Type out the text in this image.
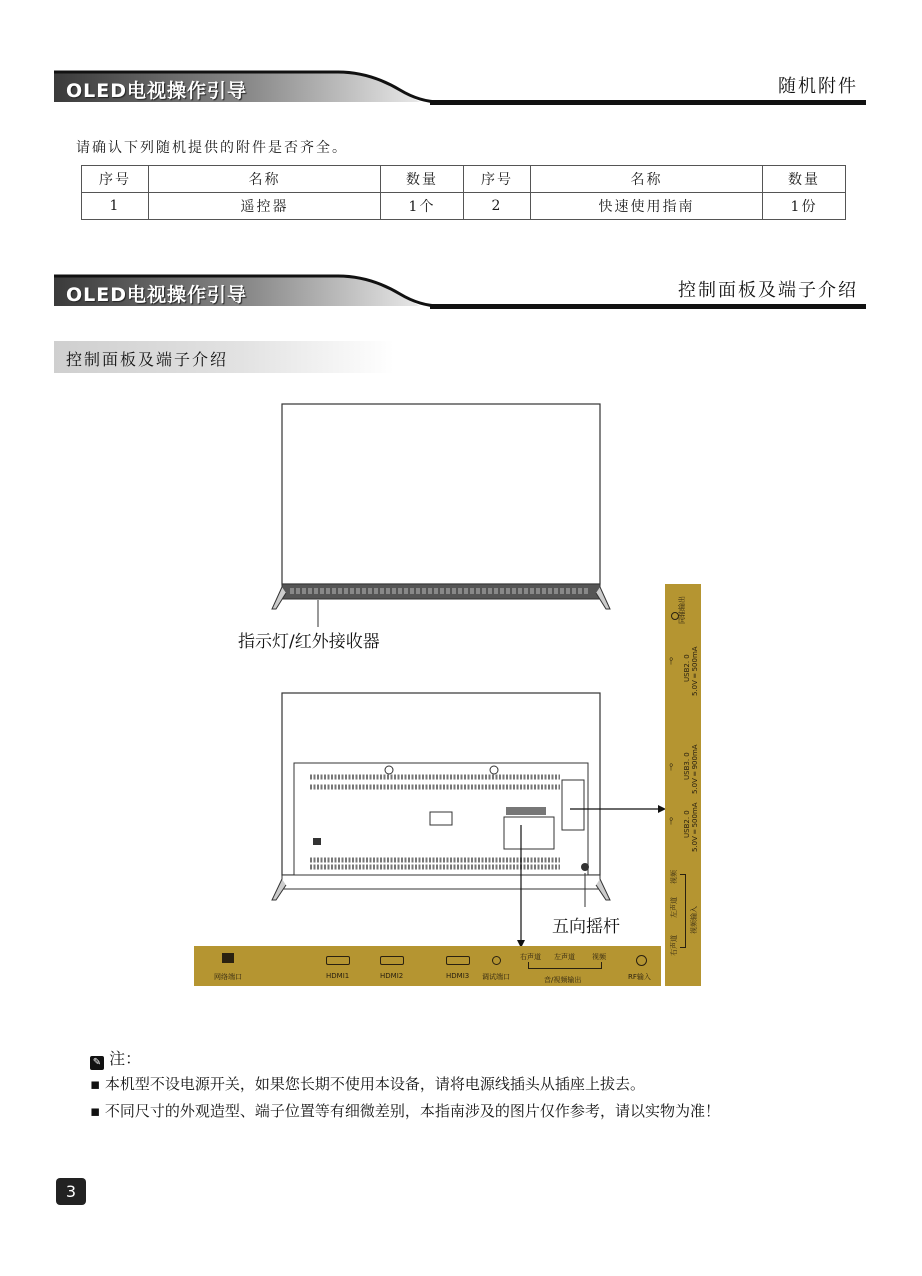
OLED电视操作引导	随机附件
请确认下列随机提供的附件是否齐全。
序号	名称	数量	序号	名称	数量
1	遥控器	1个	2	快速使用指南	1份
OLED电视操作引导	控制面板及端子介绍
控制面板及端子介绍
指示灯/红外接收器
五向摇杆
网络端口	HDMI1	HDMI2	HDMI3 调试端口
右声道 左声道 视频
音/视频输出	RF输入
同轴输出
⫯ USB2. 0 5.0V ═ 500mA
⫯ USB3. 0 5.0V ═ 900mA
⫯ USB2. 0 5.0V ═ 500mA
视频
左声道
右声道
视频输入
✎ 注：
▪ 本机型不设电源开关，如果您长期不使用本设备，请将电源线插头从插座上拔去。
▪ 不同尺寸的外观造型、端子位置等有细微差别，本指南涉及的图片仅作参考，请以实物为准！
3
